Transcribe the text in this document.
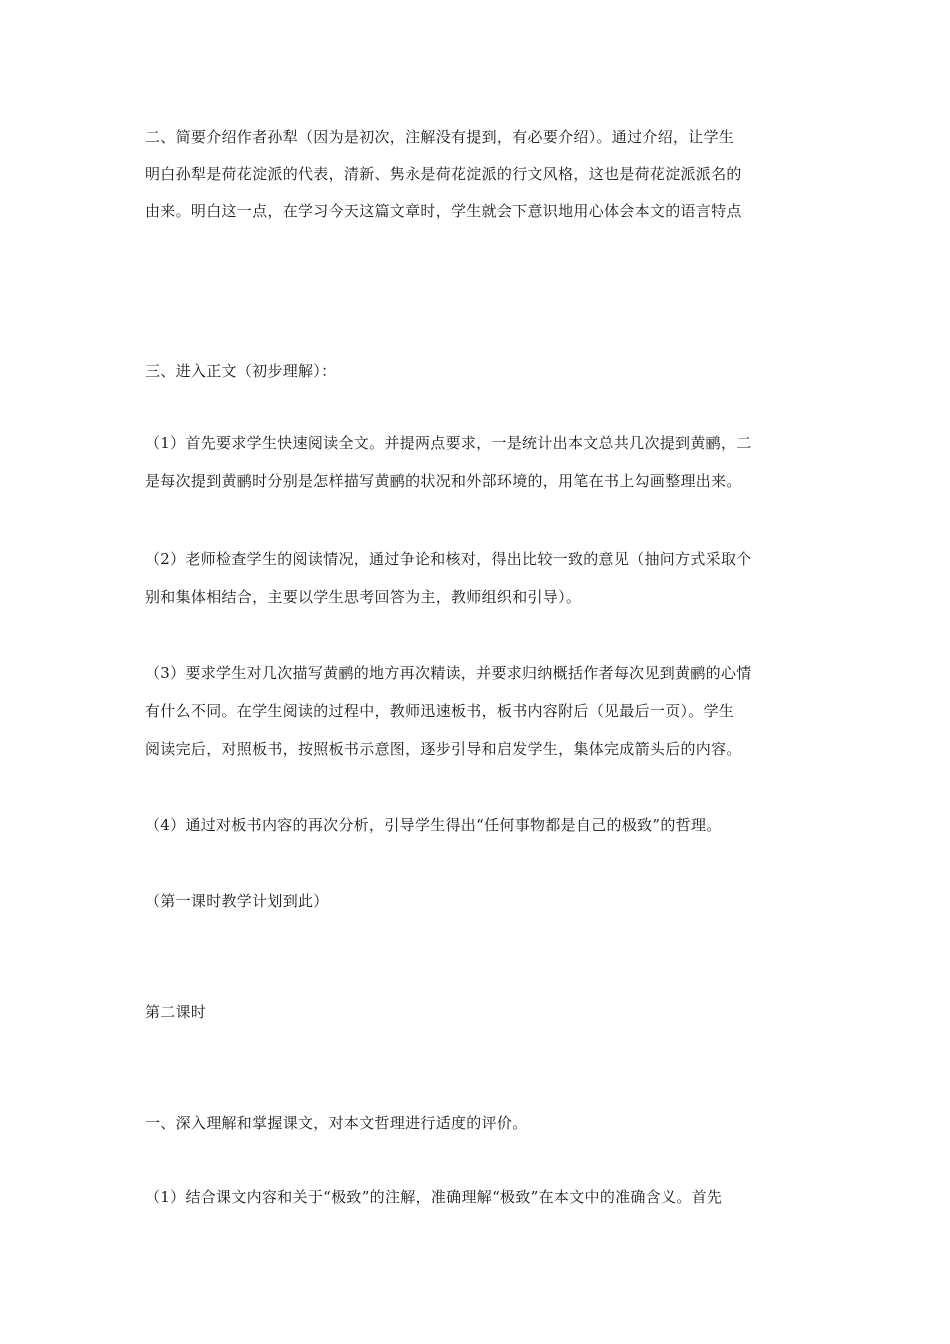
二、简要介绍作者孙犁（因为是初次，注解没有提到，有必要介绍）。通过介绍，让学生
明白孙犁是荷花淀派的代表，清新、隽永是荷花淀派的行文风格，这也是荷花淀派派名的
由来。明白这一点，在学习今天这篇文章时，学生就会下意识地用心体会本文的语言特点
三、进入正文（初步理解）：
（1）首先要求学生快速阅读全文。并提两点要求，一是统计出本文总共几次提到黄鹂，二
是每次提到黄鹂时分别是怎样描写黄鹂的状况和外部环境的，用笔在书上勾画整理出来。
（2）老师检查学生的阅读情况，通过争论和核对，得出比较一致的意见（抽问方式采取个
别和集体相结合，主要以学生思考回答为主，教师组织和引导）。
（3）要求学生对几次描写黄鹂的地方再次精读，并要求归纳概括作者每次见到黄鹂的心情
有什么不同。在学生阅读的过程中，教师迅速板书，板书内容附后（见最后一页）。学生
阅读完后，对照板书，按照板书示意图，逐步引导和启发学生，集体完成箭头后的内容。
（4）通过对板书内容的再次分析，引导学生得出“任何事物都是自己的极致”的哲理。
（第一课时教学计划到此）
第二课时
一、深入理解和掌握课文，对本文哲理进行适度的评价。
（1）结合课文内容和关于“极致”的注解，准确理解“极致”在本文中的准确含义。首先
